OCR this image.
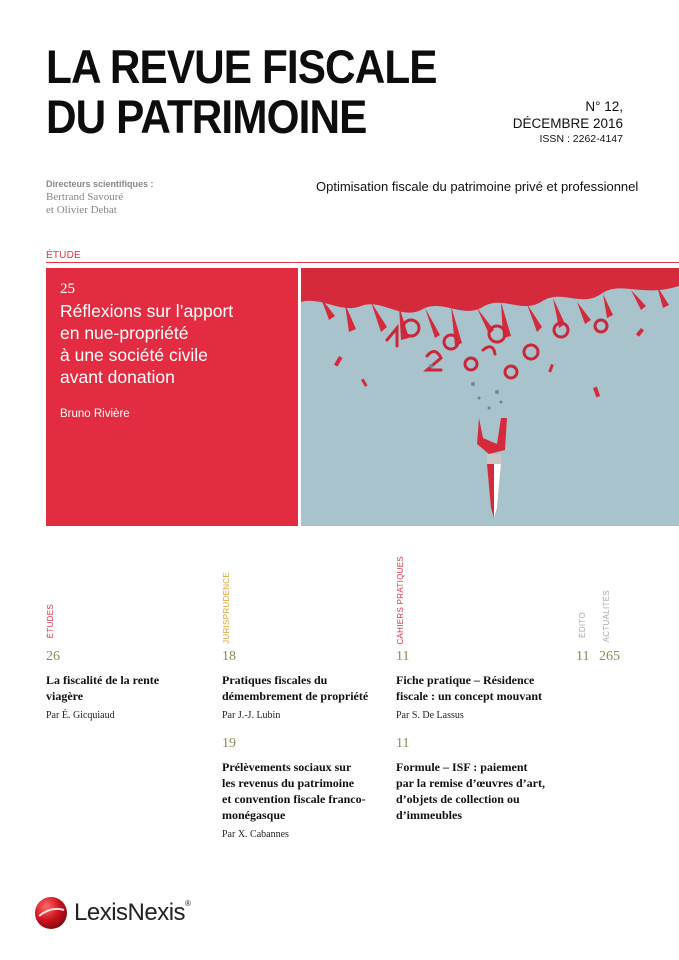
LA REVUE FISCALE
DU PATRIMOINE	N° 12,
DÉCEMBRE 2016
ISSN : 2262-4147
Directeurs scientifiques :
Bertrand Savouré
et Olivier Debat
Optimisation fiscale du patrimoine privé et professionnel
ÉTUDE
25
Réflexions sur l’apport
en nue-propriété
à une société civile
avant donation
Bruno Rivière
ÉTUDES	JURISPRUDENCE	CAHIERS PRATIQUES	ÉDITO ACTUALITÉS
26
La fiscalité de la rente
viagère
Par É. Gicquiaud
18
Pratiques fiscales du
démembrement de propriété
Par J.-J. Lubin
19
Prélèvements sociaux sur
les revenus du patrimoine
et convention fiscale franco-
monégasque
Par X. Cabannes
11
Fiche pratique – Résidence
fiscale : un concept mouvant
Par S. De Lassus
11
Formule – ISF : paiement
par la remise d’œuvres d’art,
d’objets de collection ou
d’immeubles
11 265
LexisNexis®
